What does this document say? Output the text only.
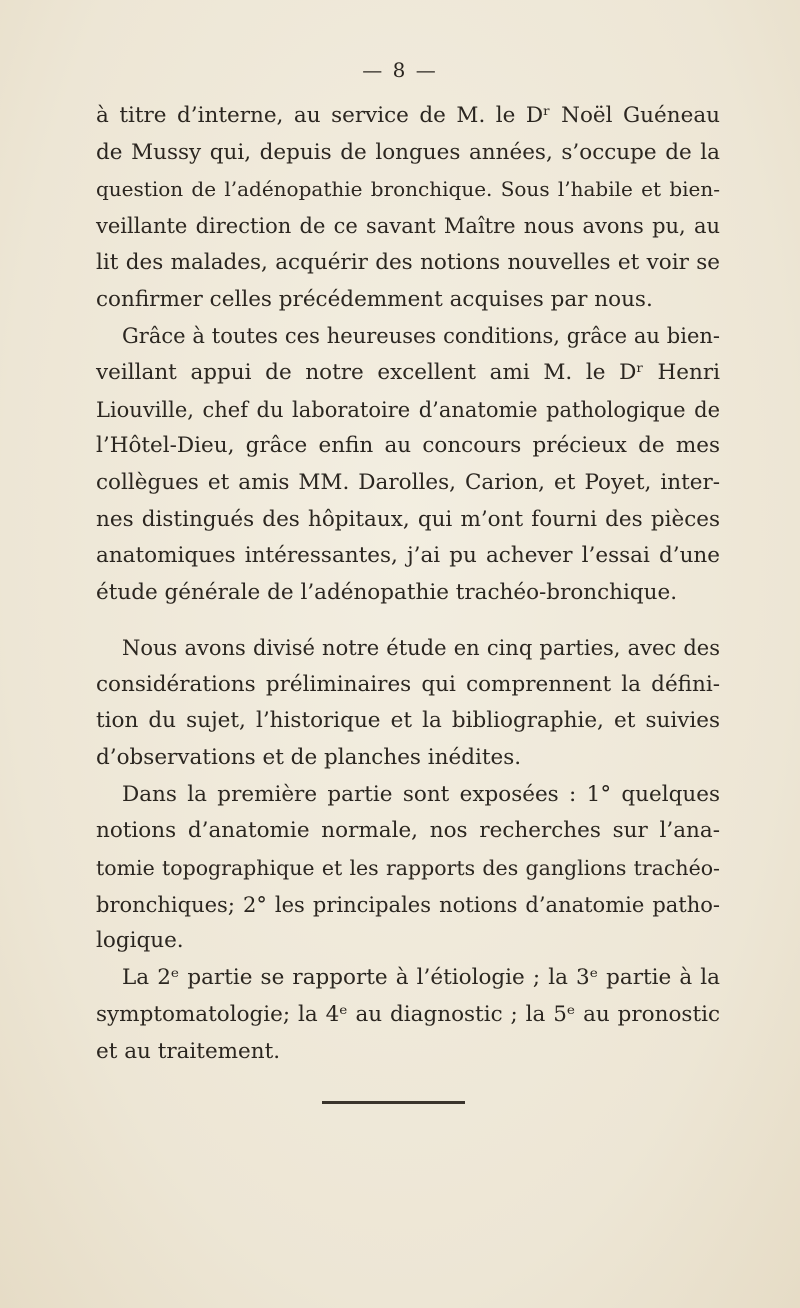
— 8 —
à titre d’interne, au service de M. le Dʳ Noël Guéneau
de Mussy qui, depuis de longues années, s’occupe de la
question de l’adénopathie bronchique. Sous l’habile et bien-
veillante direction de ce savant Maître nous avons pu, au
lit des malades, acquérir des notions nouvelles et voir se
confirmer celles précédemment acquises par nous.
Grâce à toutes ces heureuses conditions, grâce au bien-
veillant appui de notre excellent ami M. le Dʳ Henri
Liouville, chef du laboratoire d’anatomie pathologique de
l’Hôtel-Dieu, grâce enfin au concours précieux de mes
collègues et amis MM. Darolles, Carion, et Poyet, inter-
nes distingués des hôpitaux, qui m’ont fourni des pièces
anatomiques intéressantes, j’ai pu achever l’essai d’une
étude générale de l’adénopathie trachéo-bronchique.
Nous avons divisé notre étude en cinq parties, avec des
considérations préliminaires qui comprennent la défini-
tion du sujet, l’historique et la bibliographie, et suivies
d’observations et de planches inédites.
Dans la première partie sont exposées : 1° quelques
notions d’anatomie normale, nos recherches sur l’ana-
tomie topographique et les rapports des ganglions trachéo-
bronchiques; 2° les principales notions d’anatomie patho-
logique.
La 2ᵉ partie se rapporte à l’étiologie ; la 3ᵉ partie à la
symptomatologie; la 4ᵉ au diagnostic ; la 5ᵉ au pronostic
et au traitement.
